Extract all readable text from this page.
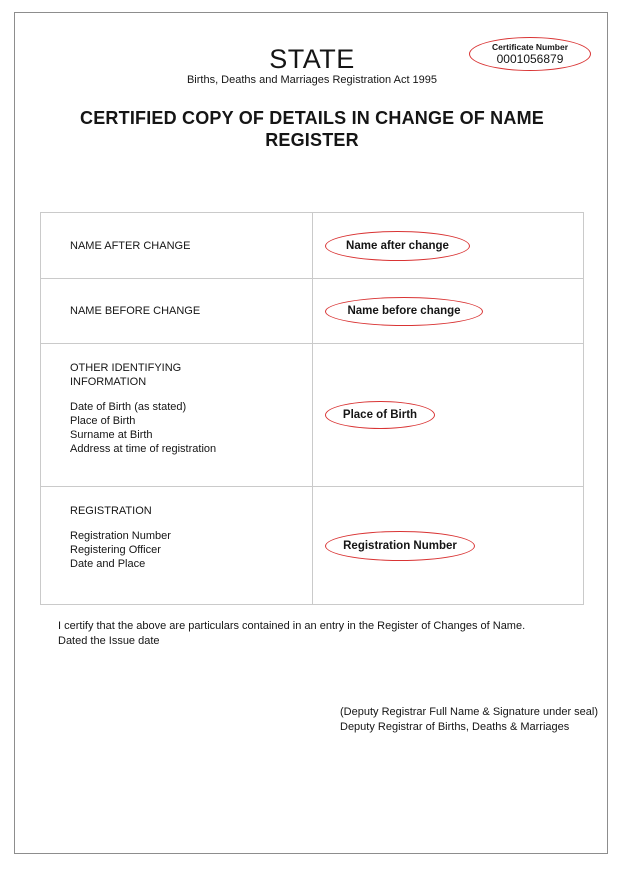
STATE
Births, Deaths and Marriages Registration Act 1995
Certificate Number
0001056879
CERTIFIED COPY OF DETAILS IN CHANGE OF NAME REGISTER
NAME AFTER CHANGE	Name after change
NAME BEFORE CHANGE	Name before change
OTHER IDENTIFYING INFORMATION
Date of Birth (as stated)
Place of Birth
Surname at Birth
Address at time of registration
Place of Birth
REGISTRATION
Registration Number
Registering Officer
Date and Place
Registration Number
I certify that the above are particulars contained in an entry in the Register of Changes of Name.
Dated the Issue date
(Deputy Registrar Full Name & Signature under seal)
Deputy Registrar of Births, Deaths & Marriages
